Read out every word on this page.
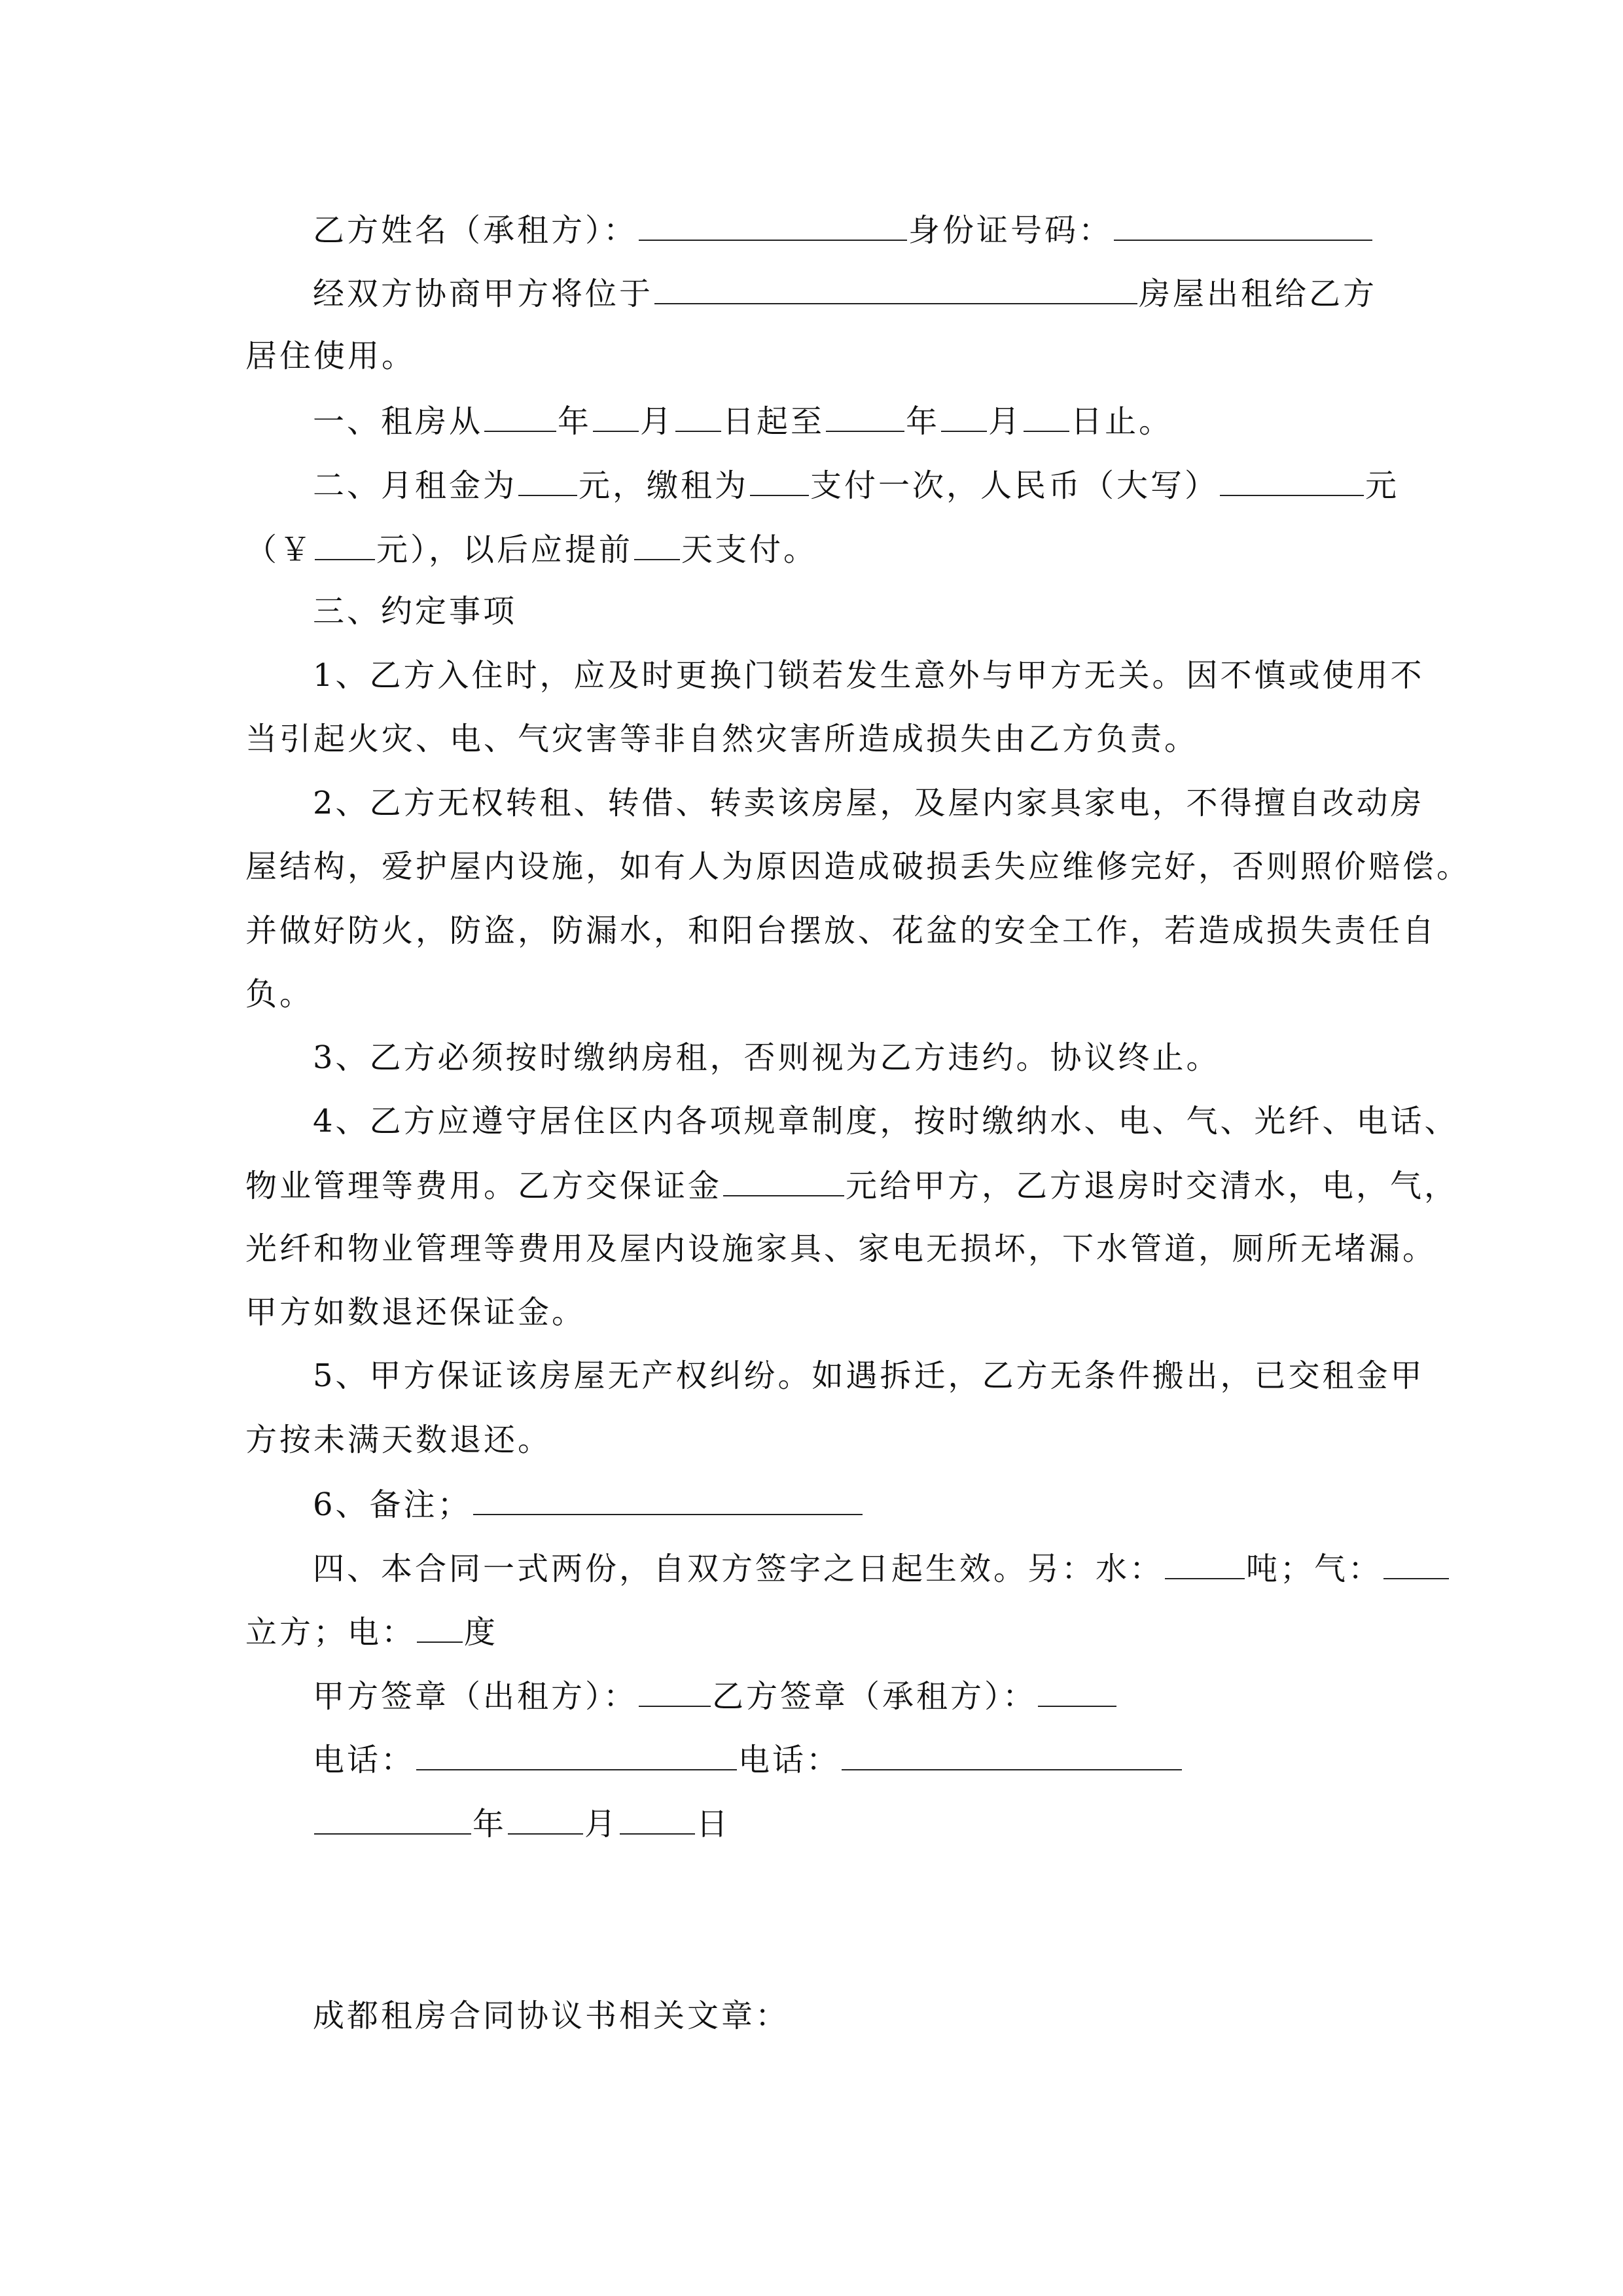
乙方姓名（承租方）：	身份证号码：
经双方协商甲方将位于	房屋出租给乙方
居住使用。
一、租房从 年 月 日起至	年 月 日止。
二、月租金为 元，缴租为 支付一次，人民币（大写）	元
（￥ 元），以后应提前 天支付。
三、约定事项
1、乙方入住时，应及时更换门锁若发生意外与甲方无关。因不慎或使用不
当引起火灾、电、气灾害等非自然灾害所造成损失由乙方负责。
2、乙方无权转租、转借、转卖该房屋，及屋内家具家电，不得擅自改动房
屋结构，爱护屋内设施，如有人为原因造成破损丢失应维修完好，否则照价赔偿。
并做好防火，防盗，防漏水，和阳台摆放、花盆的安全工作，若造成损失责任自
负。
3、乙方必须按时缴纳房租，否则视为乙方违约。协议终止。
4、乙方应遵守居住区内各项规章制度，按时缴纳水、电、气、光纤、电话、
物业管理等费用。乙方交保证金	元给甲方，乙方退房时交清水，电，气，
光纤和物业管理等费用及屋内设施家具、家电无损坏，下水管道，厕所无堵漏。
甲方如数退还保证金。
5、甲方保证该房屋无产权纠纷。如遇拆迁，乙方无条件搬出，已交租金甲
方按未满天数退还。
6、备注；
四、本合同一式两份，自双方签字之日起生效。另：水：	吨；气：
立方；电： 度
甲方签章（出租方）： 乙方签章（承租方）：
电话：	电话：
年 月 日
成都租房合同协议书相关文章：
